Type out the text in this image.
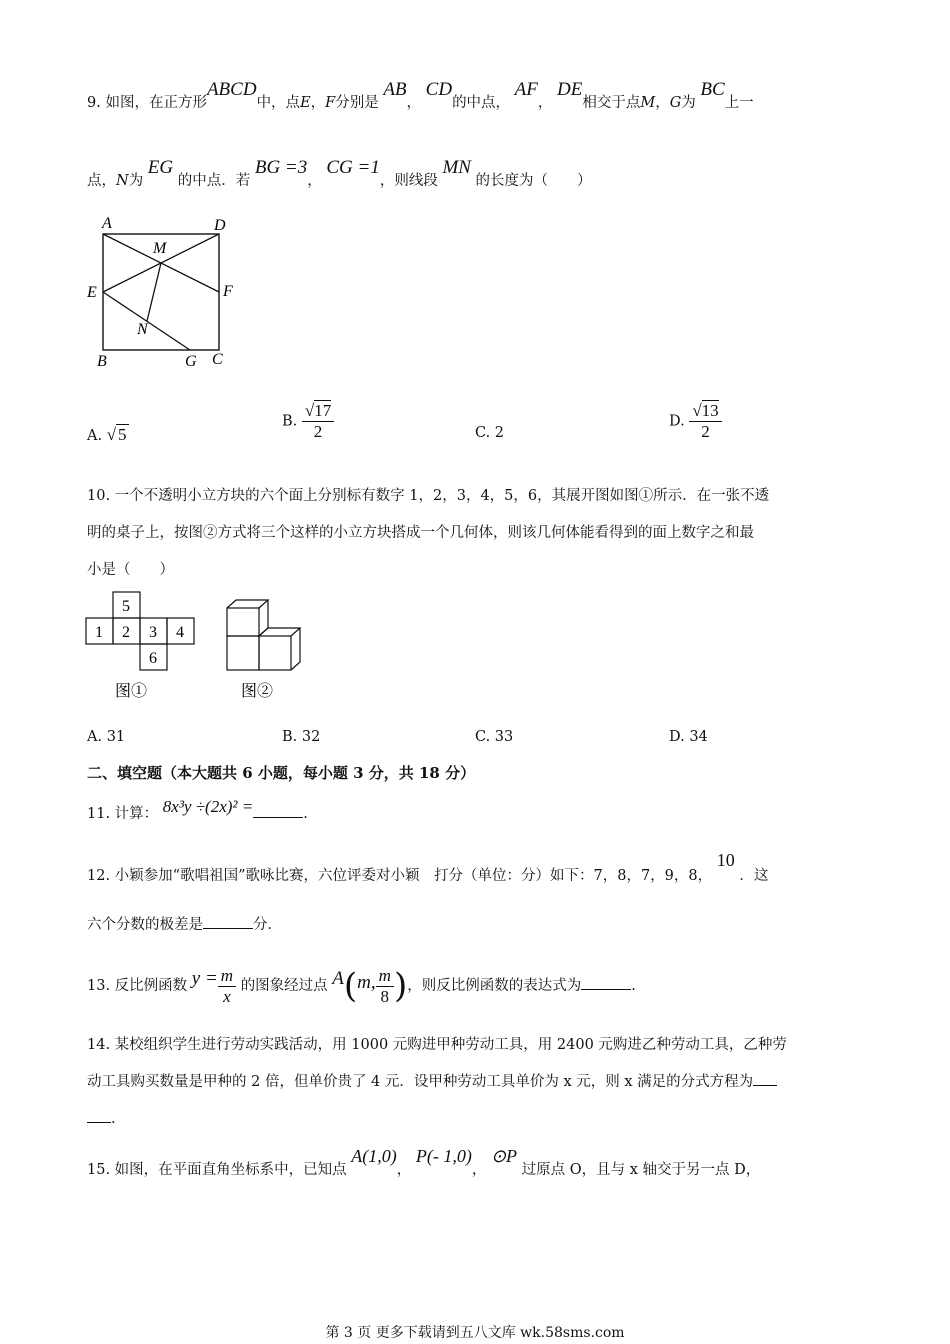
9. 如图，在正方形ABCD中，点E，F分别是 AB， CD的中点， AF， DE相交于点M，G为 BC上一
点，N为 EG 的中点．若 BG =3， CG =1，则线段 MN 的长度为（　　）
A	D
M
E	F
N
B	G C
A. √ 5
B. $\frac{√17}{2}$	C. 2
D. $\frac{√13}{2}$
10. 一个不透明小立方块的六个面上分别标有数字 1，2，3，4，5，6，其展开图如图①所示．在一张不透
明的桌子上，按图②方式将三个这样的小立方块搭成一个几何体，则该几何体能看得到的面上数字之和最
小是（　　）
5
1 2 3 4
6
图①	图②
A. 31	B. 32	C. 33	D. 34
二、填空题（本大题共 6 小题，每小题 3 分，共 18 分）
11. 计算： 8x³y ÷(2x)² =	.
12. 小颖参加“歌唱祖国”歌咏比赛，六位评委对小颖　打分（单位：分）如下：7，8，7，9，8， 10 ．这
六个分数的极差是	分．
13. 反比例函数 $y = \frac{m}{x}$ 的图象经过点 A(m, $\frac{m}{8}$ )，则反比例函数的表达式为	.
14. 某校组织学生进行劳动实践活动，用 1000 元购进甲种劳动工具，用 2400 元购进乙种劳动工具，乙种劳
动工具购买数量是甲种的 2 倍，但单价贵了 4 元．设甲种劳动工具单价为 x 元，则 x 满足的分式方程为
.
15. 如图，在平面直角坐标系中，已知点 A(1,0)， P(- 1,0)， ⊙P 过原点 O，且与 x 轴交于另一点 D，
第 3 页 更多下载请到五八文库 wk.58sms.com
